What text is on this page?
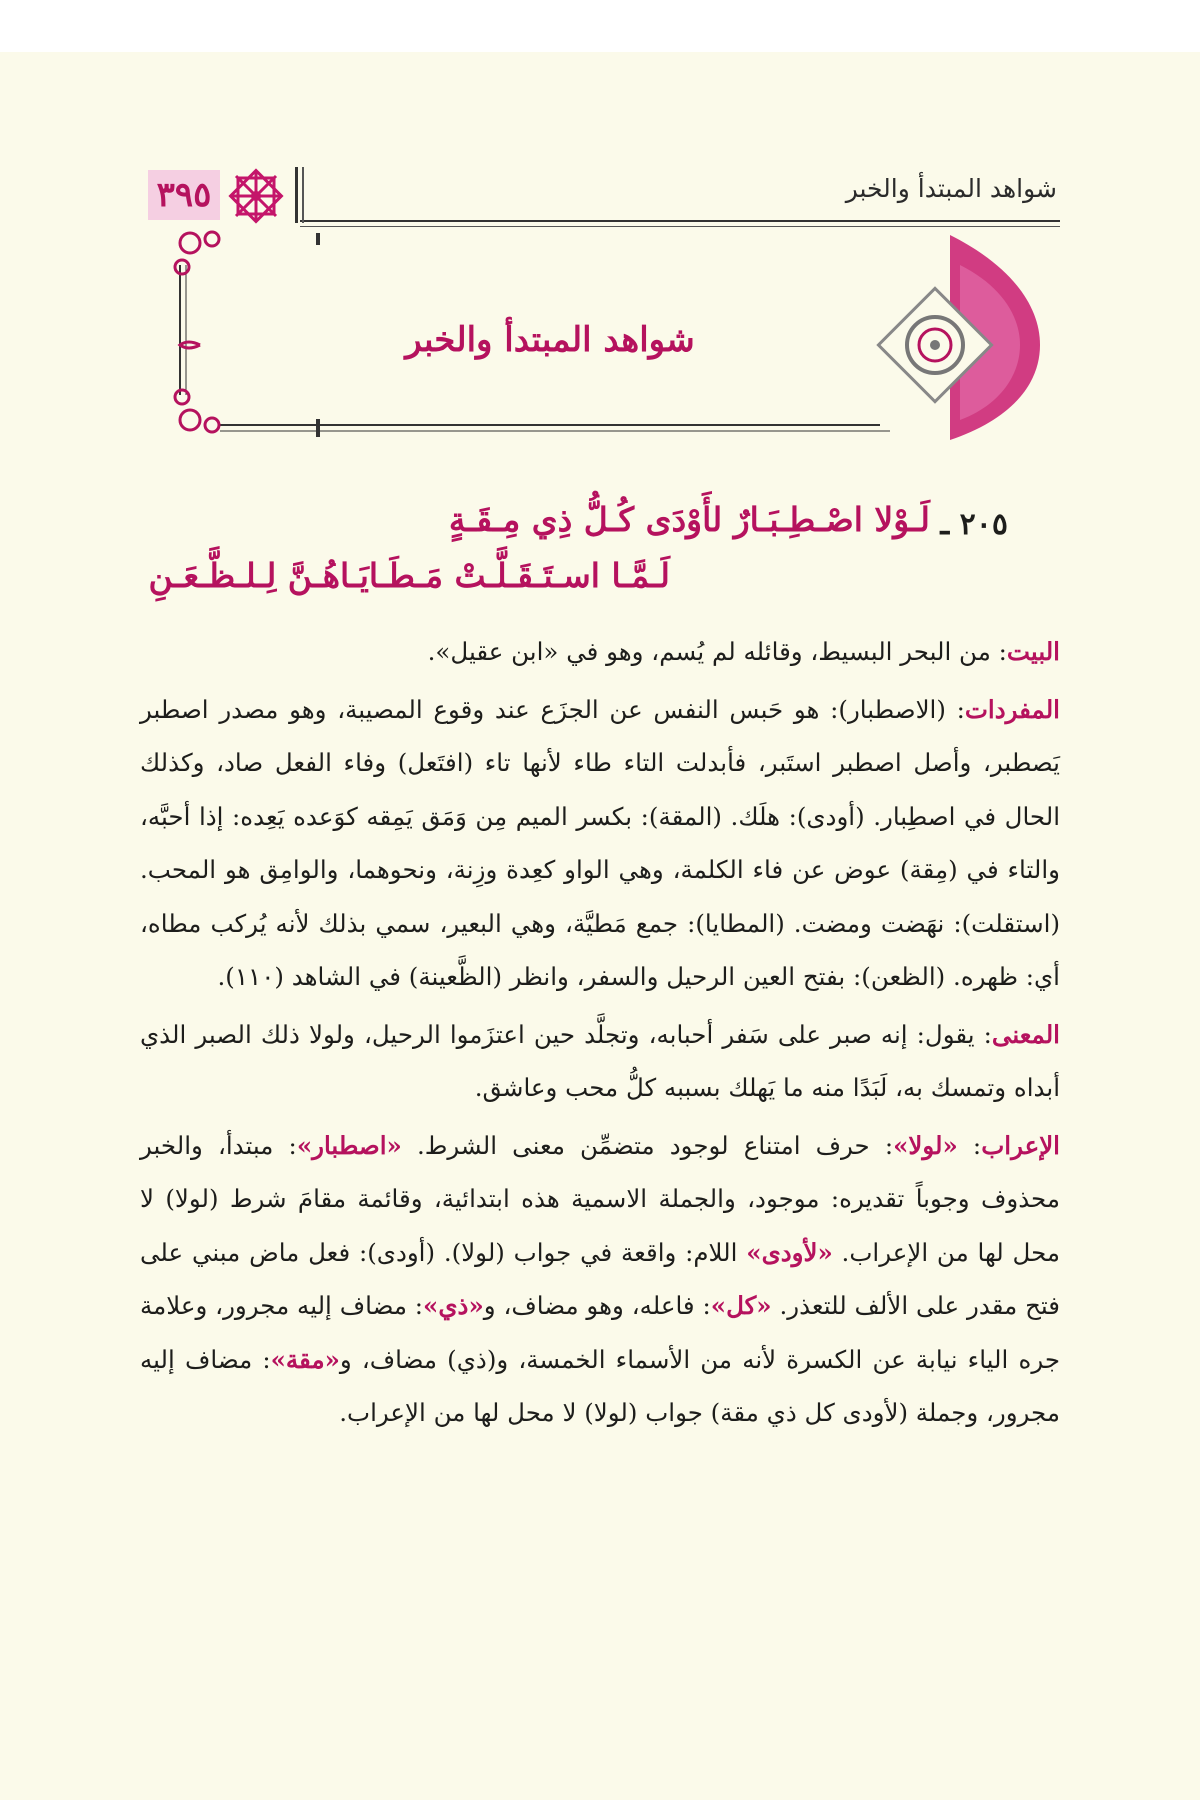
شواهد المبتدأ والخبر
٣٩٥
شواهد المبتدأ والخبر
٢٠٥ ـ
لَـوْلا اصْـطِـبَـارٌ لأَوْدَى كُـلُّ ذِي مِـقَـةٍ
لَـمَّـا اسـتَـقَـلَّـتْ مَـطَـايَـاهُـنَّ لِـلـظَّـعَـنِ

البيت: من البحر البسيط، وقائله لم يُسم، وهو في «ابن عقيل».

المفردات: (الاصطبار): هو حَبس النفس عن الجزَع عند وقوع المصيبة، وهو مصدر اصطبر يَصطبر، وأصل اصطبر استَبر، فأبدلت التاء طاء لأنها تاء (افتَعل) وفاء الفعل صاد، وكذلك الحال في اصطِبار. (أودى): هلَك. (المقة): بكسر الميم مِن وَمَق يَمِقه كوَعده يَعِده: إذا أحبَّه، والتاء في (مِقة) عوض عن فاء الكلمة، وهي الواو كعِدة وزِنة، ونحوهما، والوامِق هو المحب. (استقلت): نهَضت ومضت. (المطايا): جمع مَطيَّة، وهي البعير، سمي بذلك لأنه يُركب مطاه، أي: ظهره. (الظعن): بفتح العين الرحيل والسفر، وانظر (الظَّعينة) في الشاهد (١١٠).

المعنى: يقول: إنه صبر على سَفر أحبابه، وتجلَّد حين اعتزَموا الرحيل، ولولا ذلك الصبر الذي أبداه وتمسك به، لَبَدًا منه ما يَهلك بسببه كلُّ محب وعاشق.

الإعراب: «لولا»: حرف امتناع لوجود متضمِّن معنى الشرط. «اصطبار»: مبتدأ، والخبر محذوف وجوباً تقديره: موجود، والجملة الاسمية هذه ابتدائية، وقائمة مقامَ شرط (لولا) لا محل لها من الإعراب. «لأودى» اللام: واقعة في جواب (لولا). (أودى): فعل ماض مبني على فتح مقدر على الألف للتعذر. «كل»: فاعله، وهو مضاف، و«ذي»: مضاف إليه مجرور، وعلامة جره الياء نيابة عن الكسرة لأنه من الأسماء الخمسة، و(ذي) مضاف، و«مقة»: مضاف إليه مجرور، وجملة (لأودى كل ذي مقة) جواب (لولا) لا محل لها من الإعراب.
